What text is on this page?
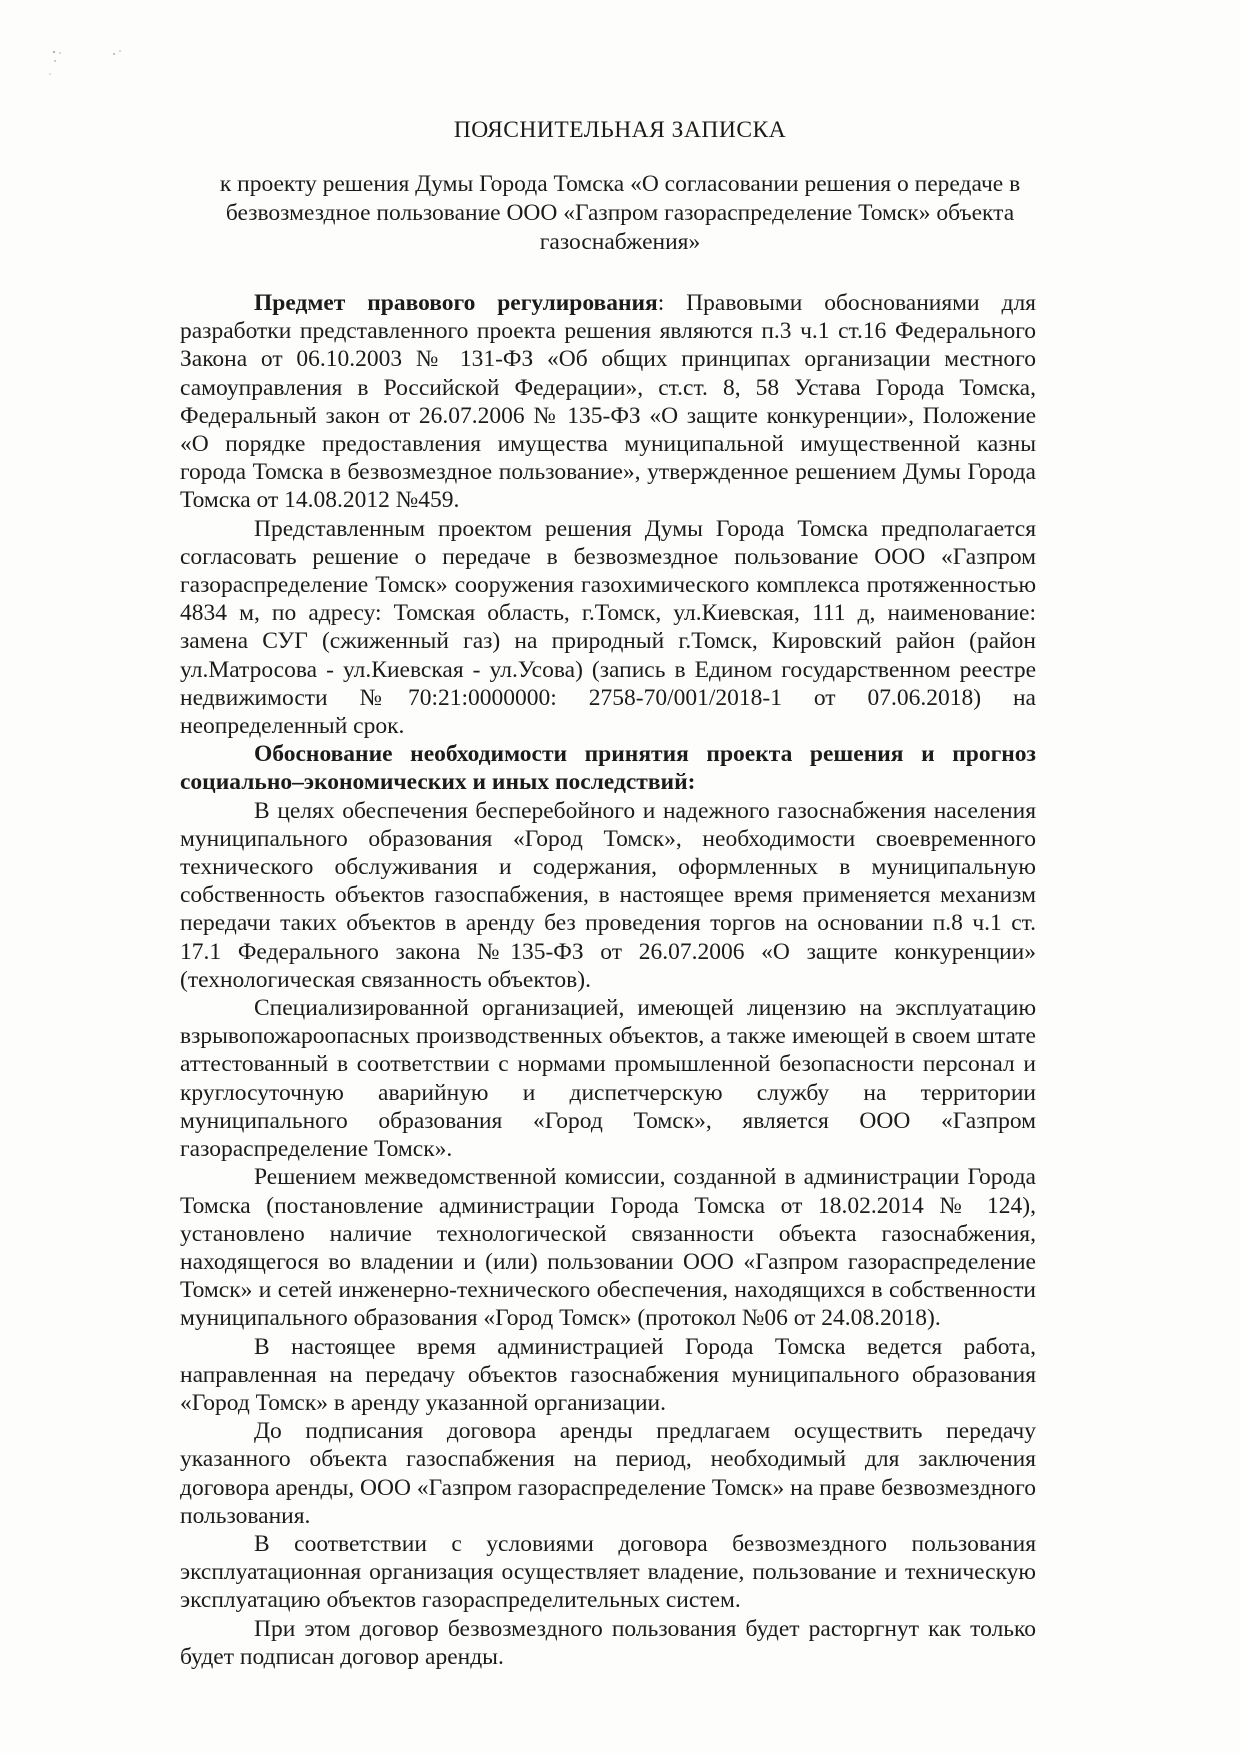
ПОЯСНИТЕЛЬНАЯ ЗАПИСКА
к проекту решения Думы Города Томска «О согласовании решения о передаче в безвозмездное пользование ООО «Газпром газораспределение Томск» объекта газоснабжения»

Предмет правового регулирования: Правовыми обоснованиями для разработки представленного проекта решения являются п.3 ч.1 ст.16 Федерального Закона от 06.10.2003 № 131-ФЗ «Об общих принципах организации местного самоуправления в Российской Федерации», ст.ст. 8, 58 Устава Города Томска, Федеральный закон от 26.07.2006 № 135-ФЗ «О защите конкуренции», Положение «О порядке предоставления имущества муниципальной имущественной казны города Томска в безвозмездное пользование», утвержденное решением Думы Города Томска от 14.08.2012 №459.

Представленным проектом решения Думы Города Томска предполагается согласовать решение о передаче в безвозмездное пользование ООО «Газпром газораспределение Томск» сооружения газохимического комплекса протяженностью 4834 м, по адресу: Томская область, г.Томск, ул.Киевская, 111 д, наименование: замена СУГ (сжиженный газ) на природный г.Томск, Кировский район (район ул.Матросова - ул.Киевская - ул.Усова) (запись в Едином государственном реестре недвижимости №70:21:0000000: 2758-70/001/2018-1 от 07.06.2018) на неопределенный срок.

Обоснование необходимости принятия проекта решения и прогноз социально–экономических и иных последствий:

В целях обеспечения бесперебойного и надежного газоснабжения населения муниципального образования «Город Томск», необходимости своевременного технического обслуживания и содержания, оформленных в муниципальную собственность объектов газоспабжения, в настоящее время применяется механизм передачи таких объектов в аренду без проведения торгов на основании п.8 ч.1 ст. 17.1 Федерального закона №135-ФЗ от 26.07.2006 «О защите конкуренции» (технологическая связанность объектов).

Специализированной организацией, имеющей лицензию на эксплуатацию взрывопожароопасных производственных объектов, а также имеющей в своем штате аттестованный в соответствии с нормами промышленной безопасности персонал и круглосуточную аварийную и диспетчерскую службу на территории муниципального образования «Город Томск», является ООО «Газпром газораспределение Томск».

Решением межведомственной комиссии, созданной в администрации Города Томска (постановление администрации Города Томска от 18.02.2014 № 124), установлено наличие технологической связанности объекта газоснабжения, находящегося во владении и (или) пользовании ООО «Газпром газораспределение Томск» и сетей инженерно-технического обеспечения, находящихся в собственности муниципального образования «Город Томск» (протокол №06 от 24.08.2018).

В настоящее время администрацией Города Томска ведется работа, направленная на передачу объектов газоснабжения муниципального образования «Город Томск» в аренду указанной организации.

До подписания договора аренды предлагаем осуществить передачу указанного объекта газоспабжения на период, необходимый для заключения договора аренды, ООО «Газпром газораспределение Томск» на праве безвозмездного пользования.

В соответствии с условиями договора безвозмездного пользования эксплуатационная организация осуществляет владение, пользование и техническую эксплуатацию объектов газораспределительных систем.

При этом договор безвозмездного пользования будет расторгнут как только будет подписан договор аренды.
